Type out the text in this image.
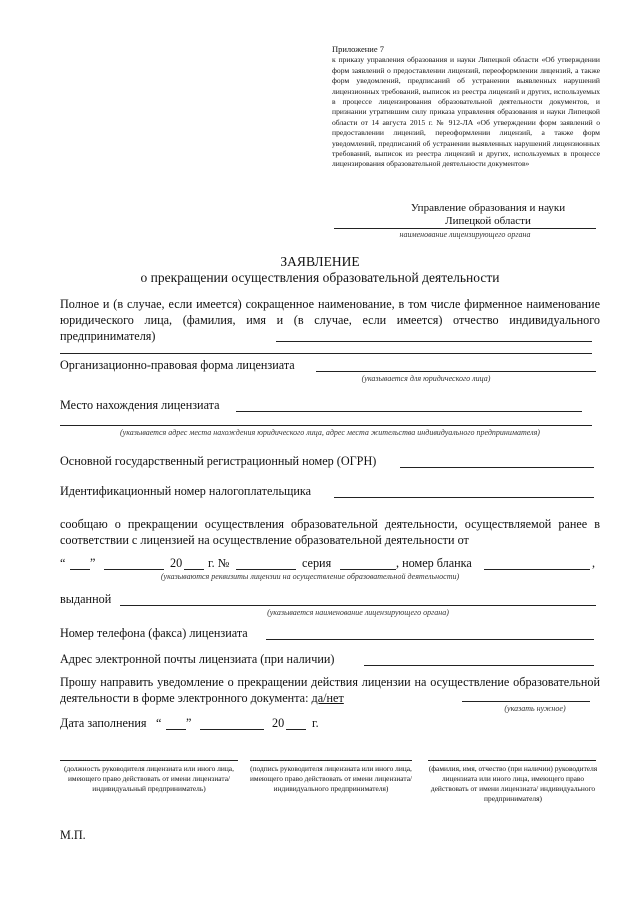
Приложение 7
к приказу управления образования и науки Липецкой области «Об утверждении форм заявлений о предоставлении лицензий, переоформлении лицензий, а также форм уведомлений, предписаний об устранении выявленных нарушений лицензионных требований, выписок из реестра лицензий и других, используемых в процессе лицензирования образовательной деятельности документов, и признании утратившим силу приказа управления образования и науки Липецкой области от 14 августа 2015 г. № 912-ЛА «Об утверждении форм заявлений о предоставлении лицензий, переоформлении лицензий, а также форм уведомлений, предписаний об устранении выявленных нарушений лицензионных требований, выписок из реестра лицензий и других, используемых в процессе лицензирования образовательной деятельности документов»
Управление образования и науки
Липецкой области
наименование лицензирующего органа
ЗАЯВЛЕНИЕ
о прекращении осуществления образовательной деятельности
Полное и (в случае, если имеется) сокращенное наименование, в том числе фирменное наименование юридического лица, (фамилия, имя и (в случае, если имеется) отчество индивидуального предпринимателя)
Организационно-правовая форма лицензиата
(указывается для юридического лица)
Место нахождения лицензиата
(указывается адрес места нахождения юридического лица, адрес места жительства индивидуального предпринимателя)
Основной государственный регистрационный номер (ОГРН)
Идентификационный номер налогоплательщика
сообщаю о прекращении осуществления образовательной деятельности, осуществляемой ранее в соответствии с лицензией на осуществление образовательной деятельности от
“ ”	20 г. №	серия	, номер бланка	,
(указываются реквизиты лицензии на осуществление образовательной деятельности)
выданной
(указывается наименование лицензирующего органа)
Номер телефона (факса) лицензиата
Адрес электронной почты лицензиата (при наличии)
Прошу направить уведомление о прекращении действия лицензии на осуществление образовательной деятельности в форме электронного документа: да/нет
(указать нужное)
Дата заполнения “ ”	20 г.
(должность руководителя лицензиата или иного лица, имеющего право действовать от имени лицензиата/ индивидуальный предприниматель)
(подпись руководителя лицензиата или иного лица, имеющего право действовать от имени лицензиата/ индивидуального предпринимателя)
(фамилия, имя, отчество (при наличии) руководителя лицензиата или иного лица, имеющего право действовать от имени лицензиата/ индивидуального предпринимателя)
М.П.
